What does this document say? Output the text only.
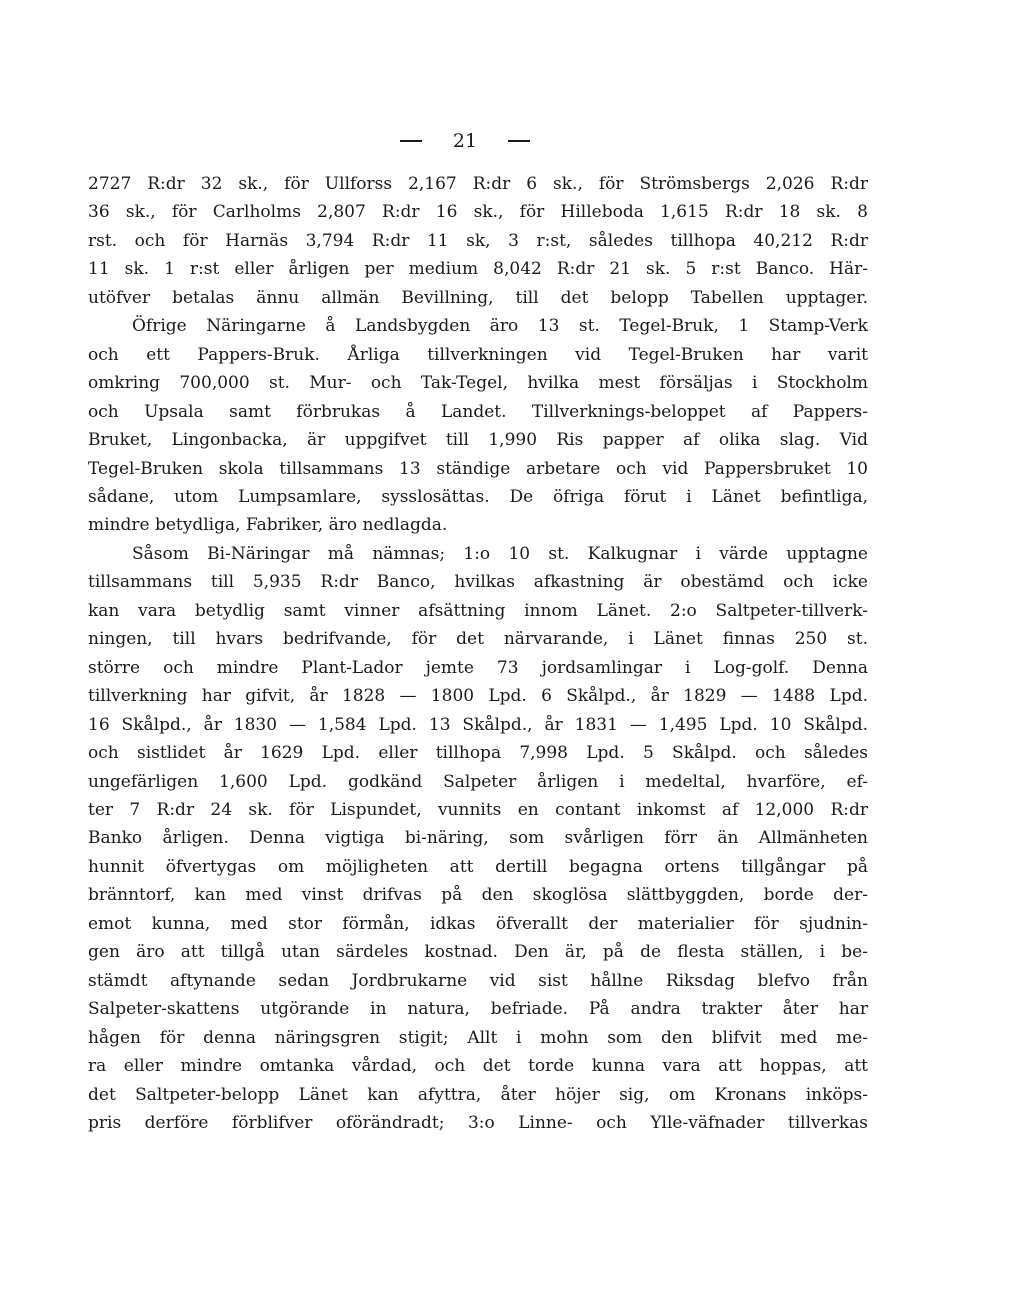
21
2727 R:dr 32 sk., för Ullforss 2,167 R:dr 6 sk., för Strömsbergs 2,026 R:dr
36 sk., för Carlholms 2,807 R:dr 16 sk., för Hilleboda 1,615 R:dr 18 sk. 8
rst. och för Harnäs 3,794 R:dr 11 sk, 3 r:st, således tillhopa 40,212 R:dr
11 sk. 1 r:st eller årligen per medium 8,042 R:dr 21 sk. 5 r:st Banco. Här-
utöfver betalas ännu allmän Bevillning, till det belopp Tabellen upptager.
Öfrige Näringarne å Landsbygden äro 13 st. Tegel-Bruk, 1 Stamp-Verk
och ett Pappers-Bruk. Årliga tillverkningen vid Tegel-Bruken har varit
omkring 700,000 st. Mur- och Tak-Tegel, hvilka mest försäljas i Stockholm
och Upsala samt förbrukas å Landet. Tillverknings-beloppet af Pappers-
Bruket, Lingonbacka, är uppgifvet till 1,990 Ris papper af olika slag. Vid
Tegel-Bruken skola tillsammans 13 ständige arbetare och vid Pappersbruket 10
sådane, utom Lumpsamlare, sysslosättas. De öfriga förut i Länet befintliga,
mindre betydliga, Fabriker, äro nedlagda.
Såsom Bi-Näringar må nämnas; 1:o 10 st. Kalkugnar i värde upptagne
tillsammans till 5,935 R:dr Banco, hvilkas afkastning är obestämd och icke
kan vara betydlig samt vinner afsättning innom Länet. 2:o Saltpeter-tillverk-
ningen, till hvars bedrifvande, för det närvarande, i Länet finnas 250 st.
större och mindre Plant-Lador jemte 73 jordsamlingar i Log-golf. Denna
tillverkning har gifvit, år 1828 — 1800 Lpd. 6 Skålpd., år 1829 — 1488 Lpd.
16 Skålpd., år 1830 — 1,584 Lpd. 13 Skålpd., år 1831 — 1,495 Lpd. 10 Skålpd.
och sistlidet år 1629 Lpd. eller tillhopa 7,998 Lpd. 5 Skålpd. och således
ungefärligen 1,600 Lpd. godkänd Salpeter årligen i medeltal, hvarföre, ef-
ter 7 R:dr 24 sk. för Lispundet, vunnits en contant inkomst af 12,000 R:dr
Banko årligen. Denna vigtiga bi-näring, som svårligen förr än Allmänheten
hunnit öfvertygas om möjligheten att dertill begagna ortens tillgångar på
bränntorf, kan med vinst drifvas på den skoglösa slättbyggden, borde der-
emot kunna, med stor förmån, idkas öfverallt der materialier för sjudnin-
gen äro att tillgå utan särdeles kostnad. Den är, på de flesta ställen, i be-
stämdt aftynande sedan Jordbrukarne vid sist hållne Riksdag blefvo från
Salpeter-skattens utgörande in natura, befriade. På andra trakter åter har
hågen för denna näringsgren stigit; Allt i mohn som den blifvit med me-
ra eller mindre omtanka vårdad, och det torde kunna vara att hoppas, att
det Saltpeter-belopp Länet kan afyttra, åter höjer sig, om Kronans inköps-
pris derföre förblifver oförändradt; 3:o Linne- och Ylle-väfnader tillverkas
